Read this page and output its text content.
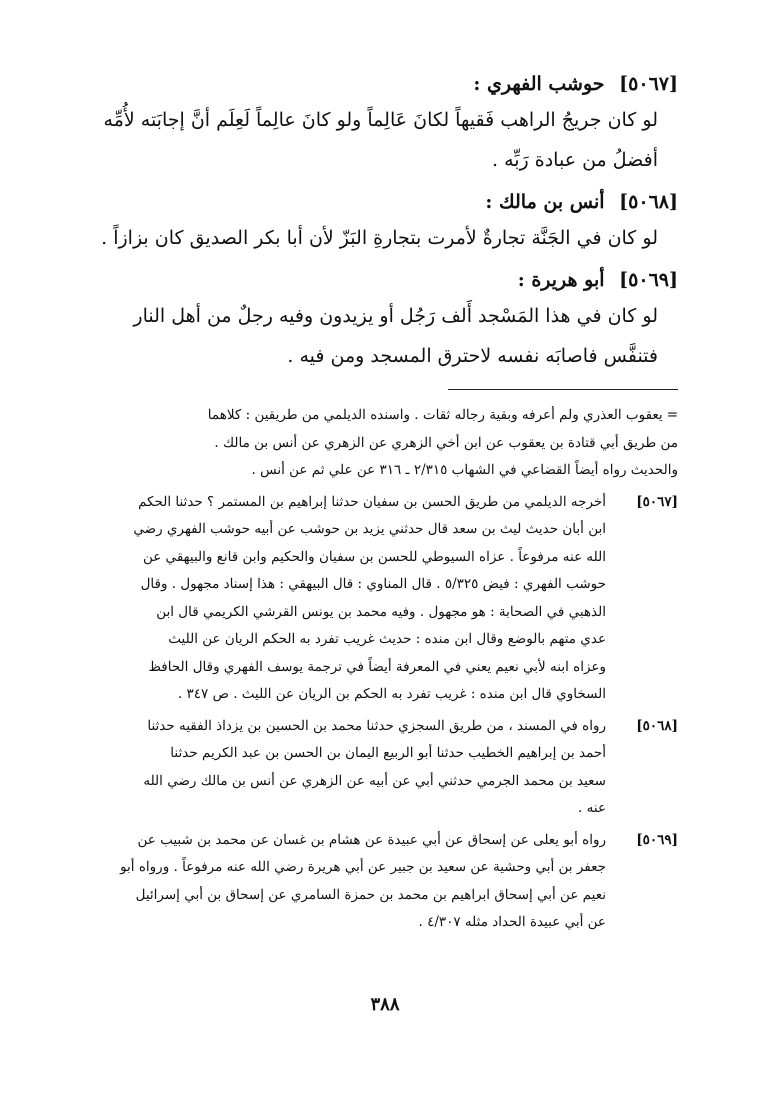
[٥٠٦٧] حوشب الفهري :
لو كان جريجُ الراهب فَقيهاً لكانَ عَالِماً ولو كانَ عالِماً لَعِلَم أنَّ إجابَته لأُمِّه
أفضلُ من عبادة رَبِّه .
[٥٠٦٨] أنس بن مالك :
لو كان في الجَنَّة تجارةٌ لأمرت بتجارةِ البَزّ لأن أبا بكر الصديق كان بزازاً .
[٥٠٦٩] أبو هريرة :
لو كان في هذا المَسْجد أَلف رَجُل أو يزيدون وفيه رجلٌ من أهل النار
فتنفَّس فاصابَه نفسه لاحترق المسجد ومن فيه .
=يعقوب العذري ولم أعرفه وبقية رجاله ثقات . واسنده الديلمي من طريقين : كلاهما
من طريق أبي قتادة بن يعقوب عن ابن أخي الزهري عن الزهري عن أنس بن مالك .
والحديث رواه أيضاً القضاعي في الشهاب ٢/٣١٥ ـ ٣١٦ عن علي ثم عن أنس .
[٥٠٦٧]
أخرجه الديلمي من طريق الحسن بن سفيان حدثنا إبراهيم بن المستمر ؟ حدثنا الحكم
ابن أبان حديث ليث بن سعد قال حدثني يزيد بن حوشب عن أبيه حوشب الفهري رضي
الله عنه مرفوعاً . عزاه السيوطي للحسن بن سفيان والحكيم وابن قانع والبيهقي عن
حوشب الفهري : فيض ٥/٣٢٥ . قال المناوي : قال البيهقي : هذا إسناد مجهول . وقال
الذهبي في الصحابة : هو مجهول . وفيه محمد بن يونس القرشي الكريمي قال ابن
عدي متهم بالوضع وقال ابن منده : حديث غريب تفرد به الحكم الريان عن الليث
وعزاه ابنه لأبي نعيم يعني في المعرفة أيضاً في ترجمة يوسف الفهري وقال الحافظ
السخاوي قال ابن منده : غريب تفرد به الحكم بن الريان عن الليث . ص ٣٤٧ .
[٥٠٦٨]
رواه في المسند ، من طريق السجزي حدثنا محمد بن الحسين بن يزداذ الفقيه حدثنا
أحمد بن إبراهيم الخطيب حدثنا أبو الربيع اليمان بن الحسن بن عبد الكريم حدثنا
سعيد بن محمد الجرمي حدثني أبي عن أبيه عن الزهري عن أنس بن مالك رضي الله
عنه .
[٥٠٦٩]
رواه أبو يعلى عن إسحاق عن أبي عبيدة عن هشام بن غسان عن محمد بن شبيب عن
جعفر بن أبي وحشية عن سعيد بن جبير عن أبي هريرة رضي الله عنه مرفوعاً . ورواه أبو
نعيم عن أبي إسحاق ابراهيم بن محمد بن حمزة السامري عن إسحاق بن أبي إسرائيل
عن أبي عبيدة الحداد مثله ٤/٣٠٧ .
٣٨٨
